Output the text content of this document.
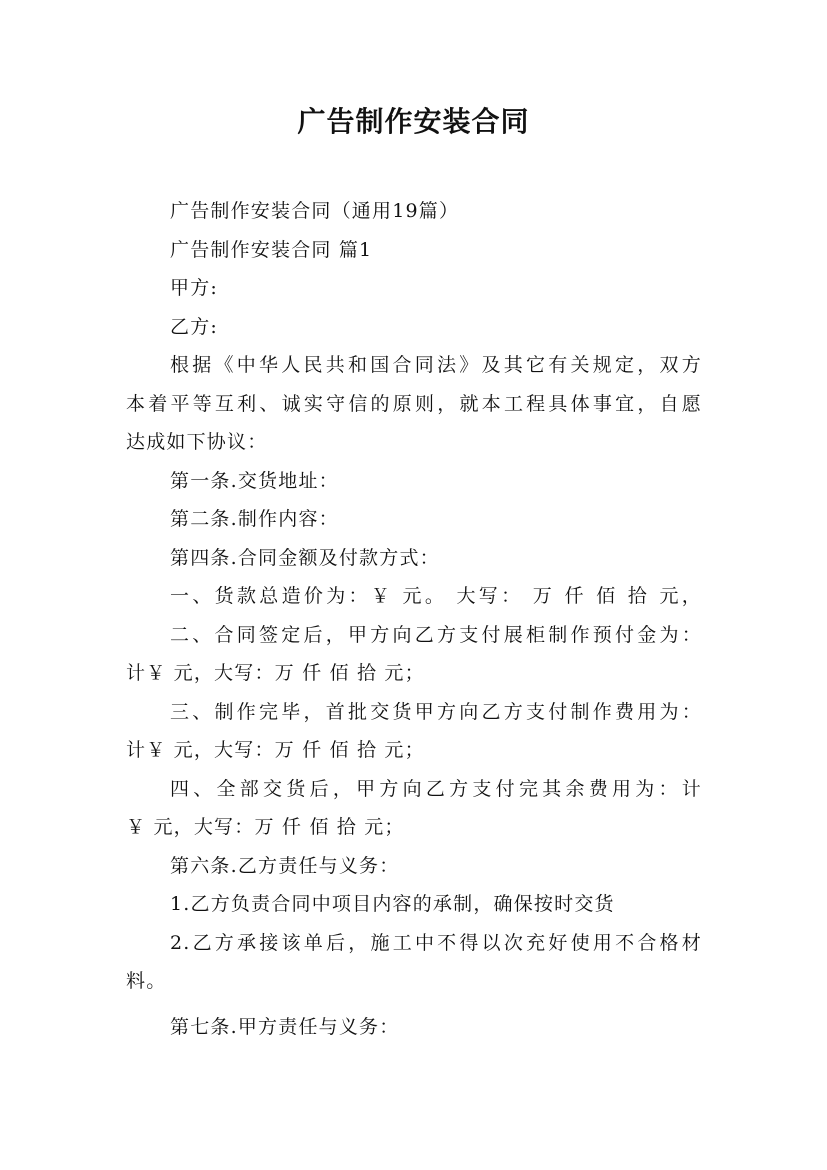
广告制作安装合同
广告制作安装合同（通用19篇）
广告制作安装合同 篇1
甲方:
乙方:
根据《中华人民共和国合同法》及其它有关规定，双方
本着平等互利、诚实守信的原则，就本工程具体事宜，自愿
达成如下协议：
第一条.交货地址：
第二条.制作内容：
第四条.合同金额及付款方式：
一、货款总造价为：￥ 元。 大写： 万 仟 佰 拾 元，
二、合同签定后，甲方向乙方支付展柜制作预付金为：
计￥ 元，大写：万 仟 佰 拾 元；
三、制作完毕，首批交货甲方向乙方支付制作费用为：
计￥ 元，大写：万 仟 佰 拾 元；
四、全部交货后，甲方向乙方支付完其余费用为：计
￥ 元，大写：万 仟 佰 拾 元；
第六条.乙方责任与义务：
1.乙方负责合同中项目内容的承制，确保按时交货
2.乙方承接该单后，施工中不得以次充好使用不合格材
料。
第七条.甲方责任与义务：
